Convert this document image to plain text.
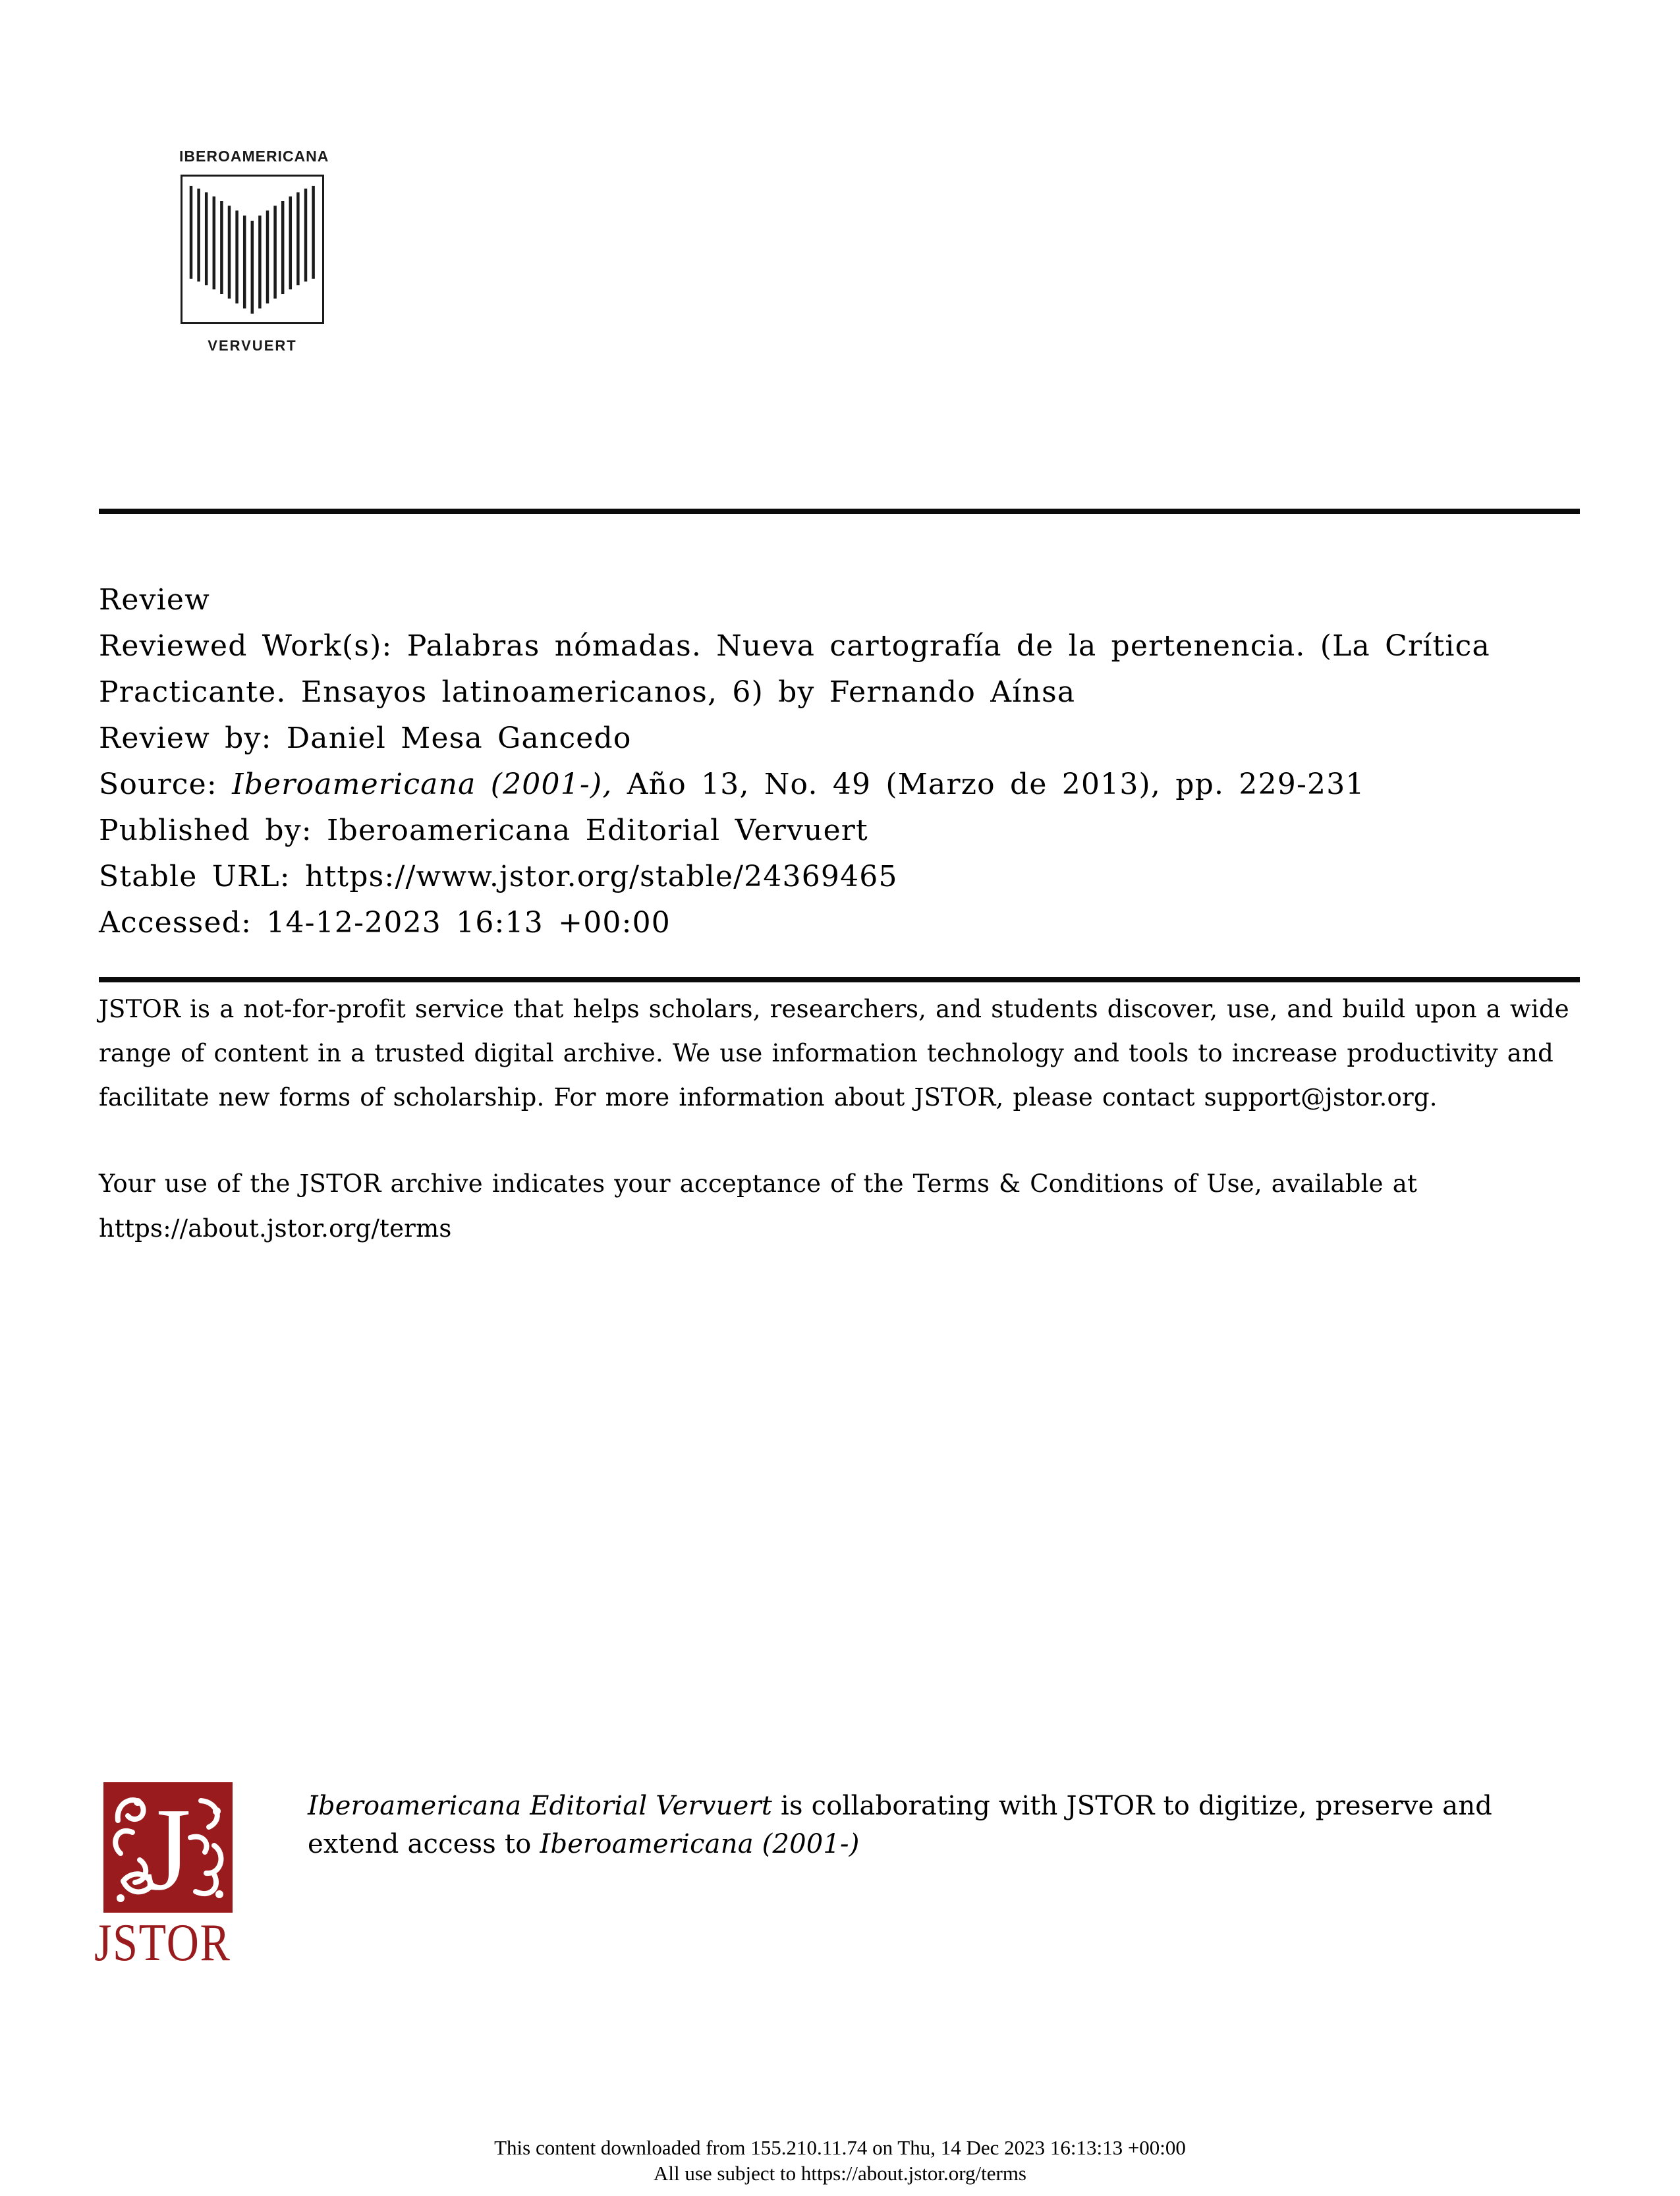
IBEROAMERICANA
VERVUERT
Review
Reviewed Work(s): Palabras nómadas. Nueva cartografía de la pertenencia. (La Crítica
Practicante. Ensayos latinoamericanos, 6) by Fernando Aínsa
Review by: Daniel Mesa Gancedo
Source: Iberoamericana (2001-), Año 13, No. 49 (Marzo de 2013), pp. 229-231
Published by: Iberoamericana Editorial Vervuert
Stable URL: https://www.jstor.org/stable/24369465
Accessed: 14-12-2023 16:13 +00:00
JSTOR is a not-for-profit service that helps scholars, researchers, and students discover, use, and build upon a wide
range of content in a trusted digital archive. We use information technology and tools to increase productivity and
facilitate new forms of scholarship. For more information about JSTOR, please contact support@jstor.org.
Your use of the JSTOR archive indicates your acceptance of the Terms & Conditions of Use, available at
https://about.jstor.org/terms
J
JSTOR
Iberoamericana Editorial Vervuert is collaborating with JSTOR to digitize, preserve and
extend access to Iberoamericana (2001-)
This content downloaded from 155.210.11.74 on Thu, 14 Dec 2023 16:13:13 +00:00
All use subject to https://about.jstor.org/terms
